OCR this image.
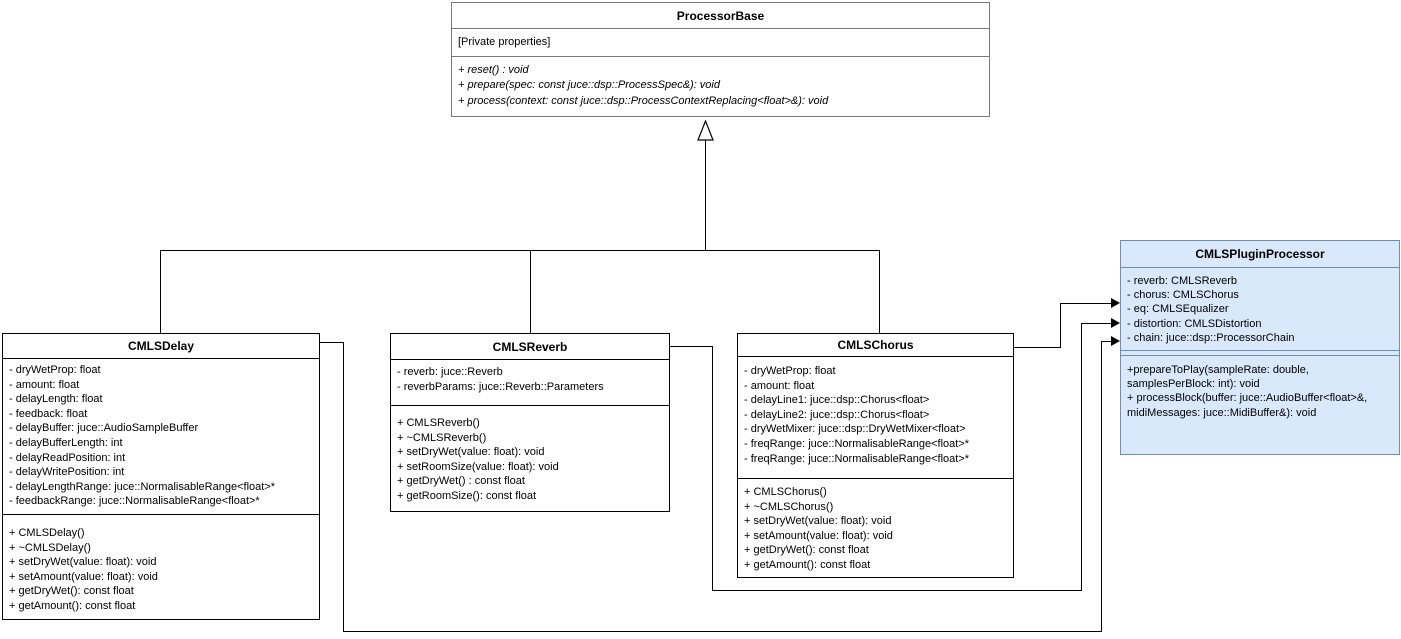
ProcessorBase
[Private properties]
+ reset() : void
+ prepare(spec: const juce::dsp::ProcessSpec&): void
+ process(context: const juce::dsp::ProcessContextReplacing<float>&): void
CMLSDelay
- dryWetProp: float
- amount: float
- delayLength: float
- feedback: float
- delayBuffer: juce::AudioSampleBuffer
- delayBufferLength: int
- delayReadPosition: int
- delayWritePosition: int
- delayLengthRange: juce::NormalisableRange<float>*
- feedbackRange: juce::NormalisableRange<float>*
+ CMLSDelay()
+ ~CMLSDelay()
+ setDryWet(value: float): void
+ setAmount(value: float): void
+ getDryWet(): const float
+ getAmount(): const float
CMLSReverb
- reverb: juce::Reverb
- reverbParams: juce::Reverb::Parameters
+ CMLSReverb()
+ ~CMLSReverb()
+ setDryWet(value: float): void
+ setRoomSize(value: float): void
+ getDryWet() : const float
+ getRoomSize(): const float
CMLSChorus
- dryWetProp: float
- amount: float
- delayLine1: juce::dsp::Chorus<float>
- delayLine2: juce::dsp::Chorus<float>
- dryWetMixer: juce::dsp::DryWetMixer<float>
- freqRange: juce::NormalisableRange<float>*
- freqRange: juce::NormalisableRange<float>*
+ CMLSChorus()
+ ~CMLSChorus()
+ setDryWet(value: float): void
+ setAmount(value: float): void
+ getDryWet(): const float
+ getAmount(): const float
CMLSPluginProcessor
- reverb: CMLSReverb
- chorus: CMLSChorus
- eq: CMLSEqualizer
- distortion: CMLSDistortion
- chain: juce::dsp::ProcessorChain
+prepareToPlay(sampleRate: double,
samplesPerBlock: int): void
+ processBlock(buffer: juce::AudioBuffer<float>&,
midiMessages: juce::MidiBuffer&): void
